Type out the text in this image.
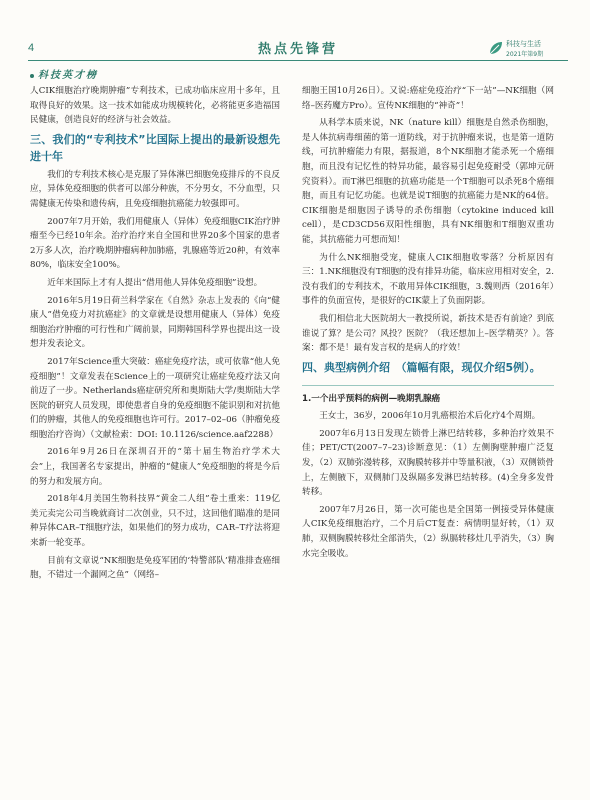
4	热点先锋营	科技与生活
2021年第9期
科技英才榜

人CIK细胞治疗晚期肿瘤”专利技术，已成功临床应用十多年，且取得良好的效果。这一技术如能成功规模转化，必将能更多造福国民健康，创造良好的经济与社会效益。

三、我们的“专利技术”比国际上提出的最新设想先进十年

我们的专利技术核心是克服了异体淋巴细胞免疫排斥的不良反应，异体免疫细胞的供者可以部分种族，不分男女，不分血型，只需健康无传染和遗传病，且免疫细胞抗癌能力较强即可。

2007年7月开始，我们用健康人（异体）免疫细胞CIK治疗肿瘤至今已经10年余。治疗治疗来自全国和世界20多个国家的患者2万多人次，治疗晚期肿瘤病种加肺癌，乳腺癌等近20种，有效率80%，临床安全100%。

近年来国际上才有人提出“借用他人异体免疫细胞”设想。

2016年5月19日荷兰科学家在《自然》杂志上发表的《向“健康人”借免疫力对抗癌症》的文章就是设想用健康人（异体）免疫细胞治疗肿瘤的可行性和广阔前景，同期韩国科学界也提出这一设想并发表论文。

2017年Science重大突破：癌症免疫疗法，或可依靠“他人免疫细胞”！文章发表在Science上的一项研究让癌症免疫疗法又向前迈了一步。Netherlands癌症研究所和奥斯陆大学/奥斯陆大学医院的研究人员发现，即使患者自身的免疫细胞不能识别和对抗他们的肿瘤，其他人的免疫细胞也许可行。2017–02–06（肿瘤免疫细胞治疗咨询）（文献检索：DOI: 10.1126/science.aaf2288）

2016年9月26日在深圳召开的“第十届生物治疗学术大会”上，我国著名专家提出，肿瘤的“健康人”免疫细胞的将是今后的努力和发展方向。

2018年4月美国生物科技界“黄金二人组”卷土重来：119亿美元卖完公司当晚就商讨二次创业，只不过，这回他们瞄准的是同种异体CAR–T细胞疗法，如果他们的努力成功，CAR–T疗法将迎来新一轮变革。

目前有文章说“NK细胞是免疫军团的‘特警部队’精准排查癌细胞，不错过一个漏网之鱼”（网络–

细胞王国10月26日）。又说:癌症免疫治疗“下一站”—NK细胞（网络–医药魔方Pro）。宣传NK细胞的“神奇”！

从科学本质来说，NK（nature kill）细胞是自然杀伤细胞，是人体抗病毒细菌的第一道防线，对于抗肿瘤来说，也是第一道防线，可抗肿瘤能力有限，据报道，8个NK细胞才能杀死一个癌细胞，而且没有记忆性的特异功能，最容易引起免疫耐受（郭坤元研究资料）。而T淋巴细胞的抗癌功能是一个T细胞可以杀死8个癌细胞，而且有记忆功能。也就是说T细胞的抗癌能力是NK的64倍。CIK细胞是细胞因子诱导的杀伤细胞（cytokine induced kill cell），是CD3CD56双阳性细胞，具有NK细胞和T细胞双重功能，其抗癌能力可想而知！

为什么NK细胞受宠，健康人CIK细胞收零落？分析原因有三：1.NK细胞没有T细胞的没有排异功能，临床应用相对安全，2.没有我们的专利技术，不敢用异体CIK细胞，3.魏则西（2016年）事件的负面宣传，是很好的CIK蒙上了负面阴影。

我们相信北大医院胡大一教授所说，新技术是否有前途？到底谁说了算？是公司？风投？医院？（我还想加上–医学精英？）。答案：都不是！最有发言权的是病人的疗效！

四、典型病例介绍　（篇幅有限，现仅介绍5例）。

1.一个出乎预料的病例—晚期乳腺癌

王女士，36岁，2006年10月乳癌根治术后化疗4个周期。

2007年6月13日发现左锁骨上淋巴结转移，多种治疗效果不佳；PET/CT(2007–7–23)诊断意见：（1）左侧胸壁肿瘤广泛复发，（2）双肺弥漫转移，双胸膜转移并中等量积液，（3）双侧锁骨上，左侧腋下，双侧肺门及纵隔多发淋巴结转移。(4)全身多发骨转移。

2007年7月26日，第一次可能也是全国第一例接受异体健康人CIK免疫细胞治疗，二个月后CT复查：病情明显好转，（1）双肺，双侧胸膜转移灶全部消失，（2）纵膈转移灶几乎消失，（3）胸水完全吸收。
